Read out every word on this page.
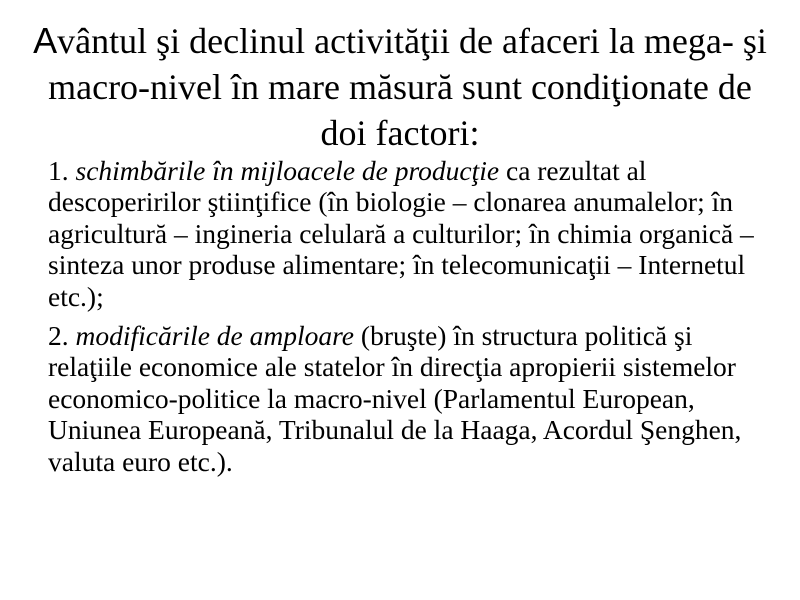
Avântul şi declinul activităţii de afaceri la mega- şi macro-nivel în mare măsură sunt condiţionate de doi factori:

1. schimbările în mijloacele de producţie ca rezultat al descoperirilor ştiinţifice (în biologie – clonarea anumalelor; în agricultură – ingineria celulară a culturilor; în chimia organică – sinteza unor produse alimentare; în telecomunicaţii – Internetul etc.);

2. modificările de amploare (bruşte) în structura politică şi relaţiile economice ale statelor în direcţia apropierii sistemelor economico-politice la macro-nivel (Parlamentul European, Uniunea Europeană, Tribunalul de la Haaga, Acordul Şenghen, valuta euro etc.).
